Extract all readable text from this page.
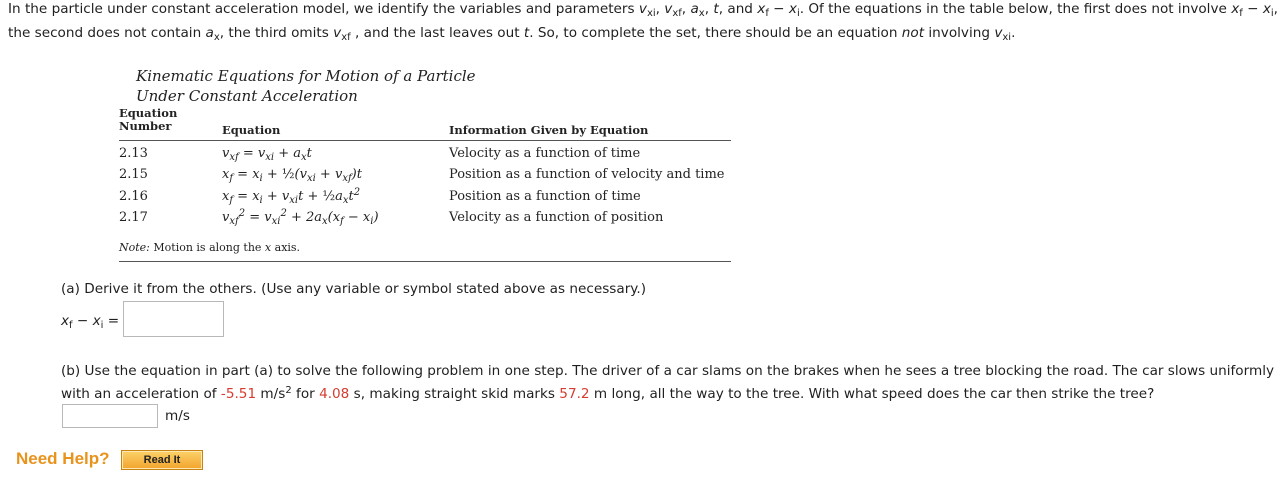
In the particle under constant acceleration model, we identify the variables and parameters $v_{xi}$, $v_{xf}$, $a_x$, t, and $x_f - x_i$. Of the equations in the table below, the first does not involve $x_f - x_i$,
the second does not contain $a_x$, the third omits $v_{xf}$ , and the last leaves out t. So, to complete the set, there should be an equation not involving $v_{xi}$.
Kinematic Equations for Motion of a Particle
Under Constant Acceleration
Equation
Number	Equation	Information Given by Equation
2.13	$v_{xf} = v_{xi} + a_xt$	Velocity as a function of time
2.15	$x_f = x_i$ + $\frac{1}{2}(v_{xi} + v_{xf})t$	Position as a function of velocity and time
2.16	$x_f = x_i + v_{xi}t$ + $\frac{1}{2}a_xt^2$	Position as a function of time
2.17	$v_{xf}^2 = v_{xi}^2 + 2a_x(x_f - x_i)$	Velocity as a function of position
Note: Motion is along the x axis.
(a) Derive it from the others. (Use any variable or symbol stated above as necessary.)
$x_f - x_i$ =
(b) Use the equation in part (a) to solve the following problem in one step. The driver of a car slams on the brakes when he sees a tree blocking the road. The car slows uniformly
with an acceleration of -5.51 $m/s^2$ for 4.08 s, making straight skid marks 57.2 m long, all the way to the tree. With what speed does the car then strike the tree?
m/s
Need Help?	Read It
